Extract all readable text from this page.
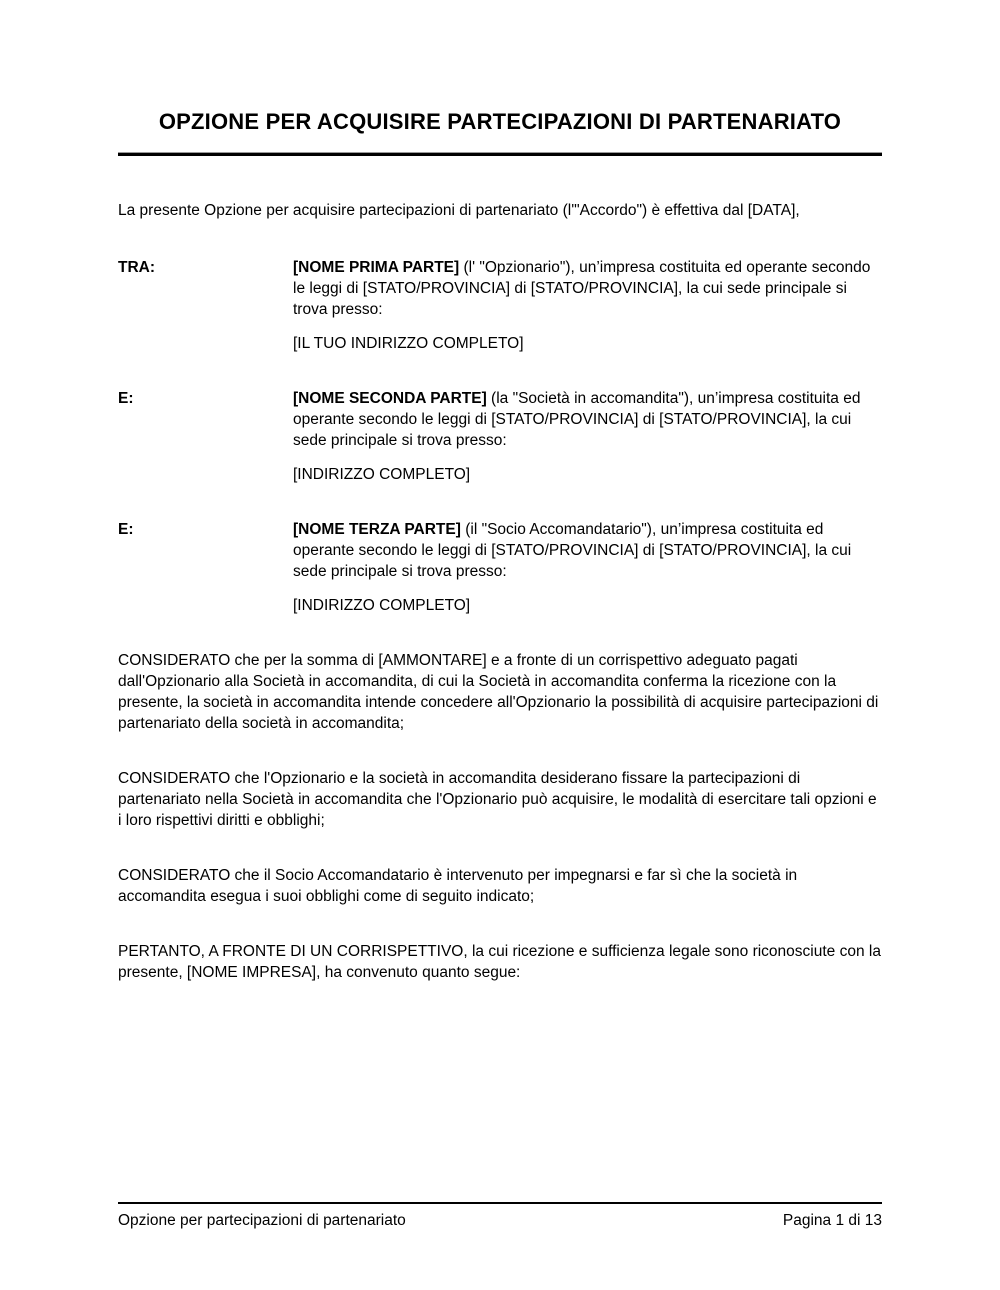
OPZIONE PER ACQUISIRE PARTECIPAZIONI DI PARTENARIATO

La presente Opzione per acquisire partecipazioni di partenariato (l'"Accordo") è effettiva dal [DATA],

TRA:	[NOME PRIMA PARTE] (l' "Opzionario"), un’impresa costituita ed operante secondo le leggi di [STATO/PROVINCIA] di [STATO/PROVINCIA], la cui sede principale si trova presso:

[IL TUO INDIRIZZO COMPLETO]

E:	[NOME SECONDA PARTE] (la "Società in accomandita"), un’impresa costituita ed operante secondo le leggi di [STATO/PROVINCIA] di [STATO/PROVINCIA], la cui sede principale si trova presso:

[INDIRIZZO COMPLETO]

E:	[NOME TERZA PARTE] (il "Socio Accomandatario"), un’impresa costituita ed operante secondo le leggi di [STATO/PROVINCIA] di [STATO/PROVINCIA], la cui sede principale si trova presso:

[INDIRIZZO COMPLETO]

CONSIDERATO che per la somma di [AMMONTARE] e a fronte di un corrispettivo adeguato pagati dall'Opzionario alla Società in accomandita, di cui la Società in accomandita conferma la ricezione con la presente, la società in accomandita intende concedere all'Opzionario la possibilità di acquisire partecipazioni di partenariato della società in accomandita;

CONSIDERATO che l'Opzionario e la società in accomandita desiderano fissare la partecipazioni di partenariato nella Società in accomandita che l'Opzionario può acquisire, le modalità di esercitare tali opzioni e i loro rispettivi diritti e obblighi;

CONSIDERATO che il Socio Accomandatario è intervenuto per impegnarsi e far sì che la società in accomandita esegua i suoi obblighi come di seguito indicato;

PERTANTO, A FRONTE DI UN CORRISPETTIVO, la cui ricezione e sufficienza legale sono riconosciute con la presente, [NOME IMPRESA], ha convenuto quanto segue:

Opzione per partecipazioni di partenariato	Pagina 1 di 13
